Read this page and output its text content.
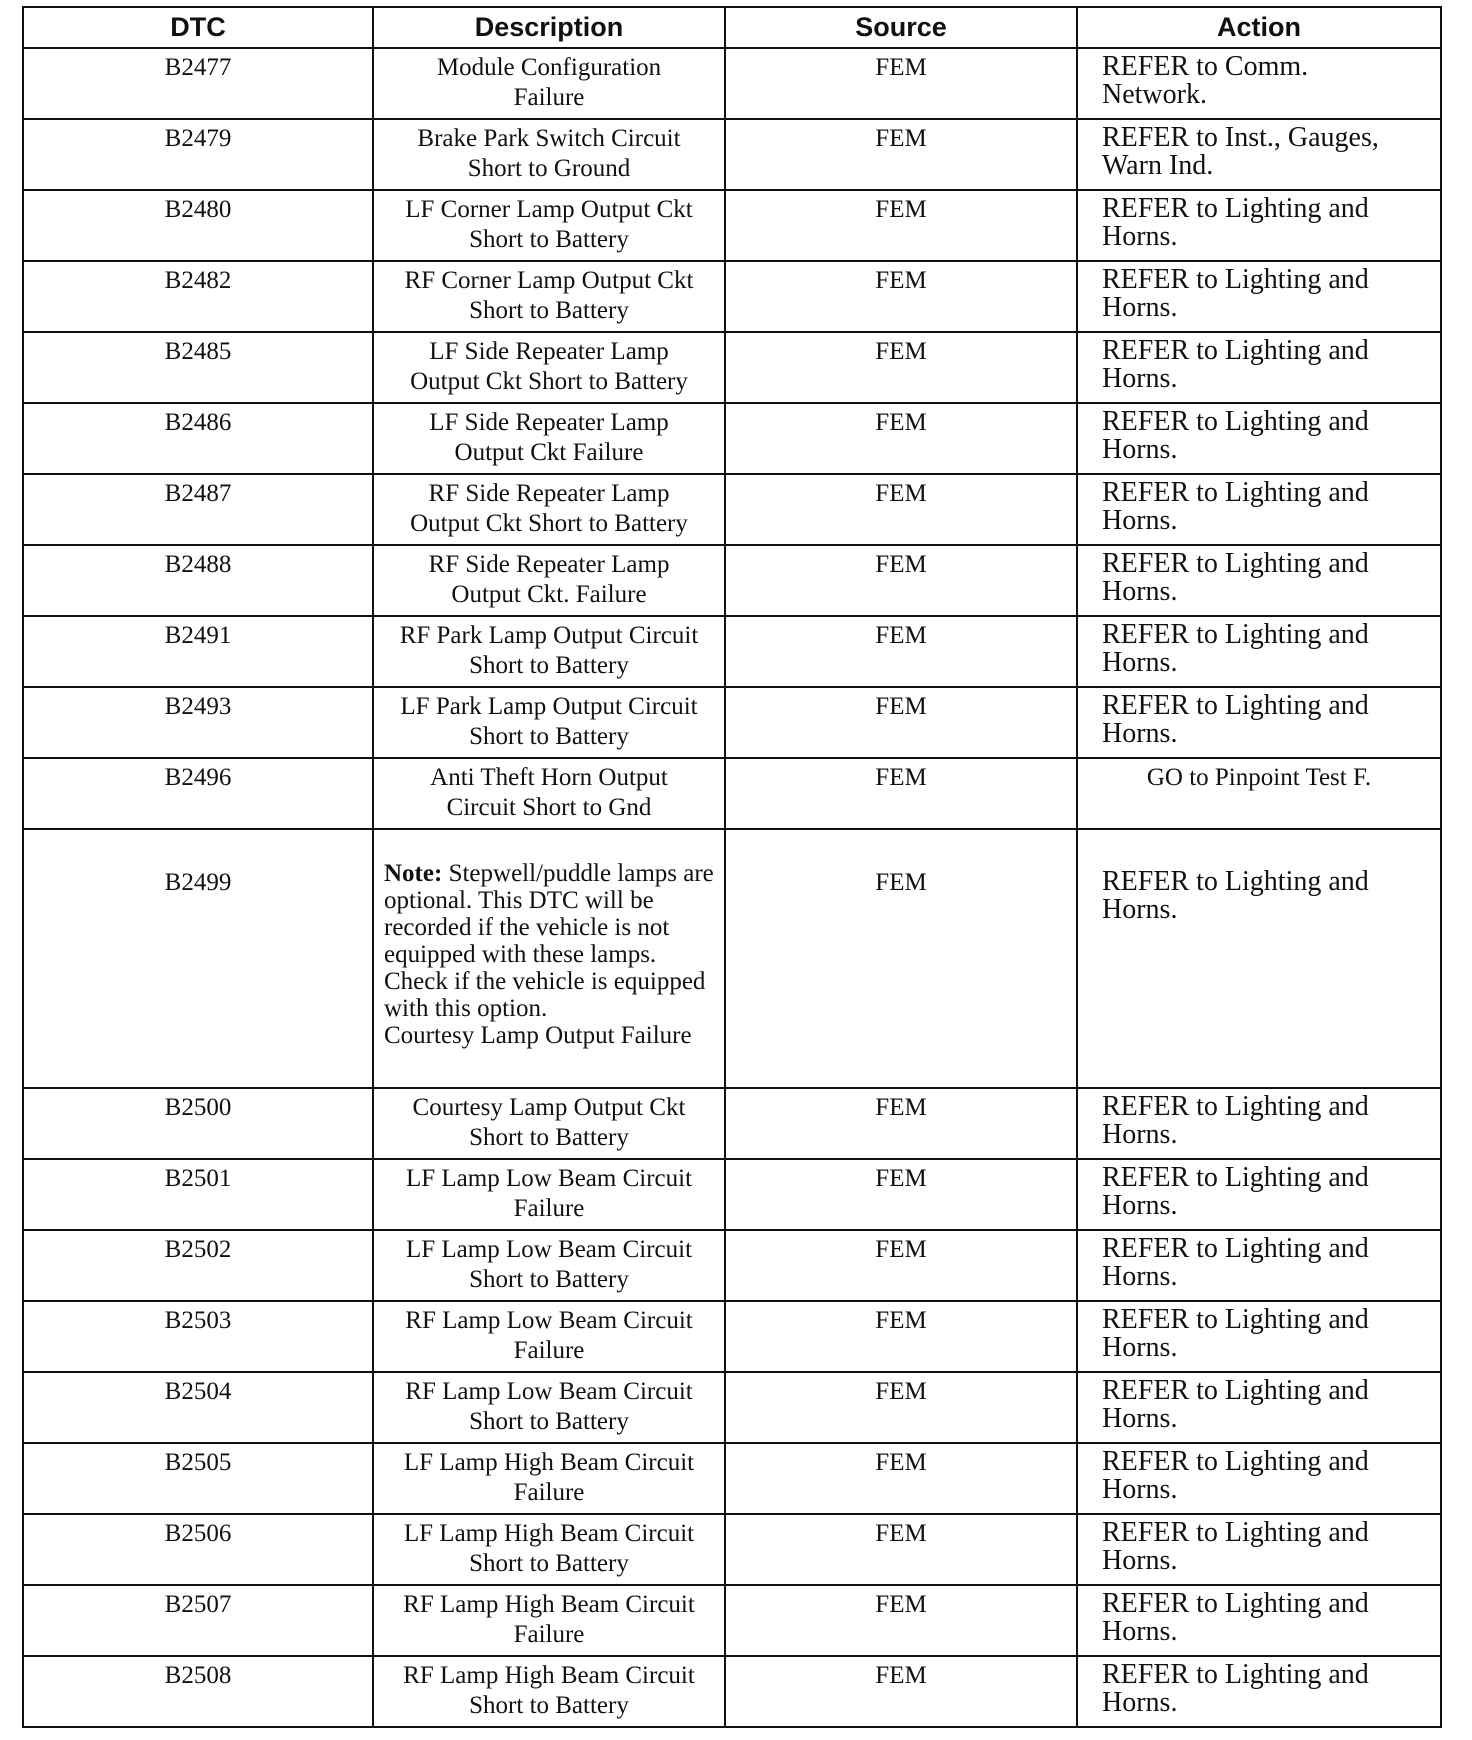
DTC	Description	Source	Action

B2477	Module Configuration
Failure	FEM	REFER to Comm.
Network.

B2479	Brake Park Switch Circuit
Short to Ground	FEM	REFER to Inst., Gauges,
Warn Ind.

B2480	LF Corner Lamp Output Ckt
Short to Battery	FEM	REFER to Lighting and
Horns.

B2482	RF Corner Lamp Output Ckt
Short to Battery	FEM	REFER to Lighting and
Horns.

B2485	LF Side Repeater Lamp
Output Ckt Short to Battery	FEM	REFER to Lighting and
Horns.

B2486	LF Side Repeater Lamp
Output Ckt Failure	FEM	REFER to Lighting and
Horns.

B2487	RF Side Repeater Lamp
Output Ckt Short to Battery	FEM	REFER to Lighting and
Horns.

B2488	RF Side Repeater Lamp
Output Ckt. Failure	FEM	REFER to Lighting and
Horns.

B2491	RF Park Lamp Output Circuit
Short to Battery	FEM	REFER to Lighting and
Horns.

B2493	LF Park Lamp Output Circuit
Short to Battery	FEM	REFER to Lighting and
Horns.

B2496	Anti Theft Horn Output
Circuit Short to Gnd	FEM	GO to Pinpoint Test F.

B2499	Note: Stepwell/puddle lamps are optional. This DTC will be recorded if the vehicle is not equipped with these lamps. Check if the vehicle is equipped with this option.
Courtesy Lamp Output Failure	FEM	REFER to Lighting and
Horns.

B2500	Courtesy Lamp Output Ckt
Short to Battery	FEM	REFER to Lighting and
Horns.

B2501	LF Lamp Low Beam Circuit
Failure	FEM	REFER to Lighting and
Horns.

B2502	LF Lamp Low Beam Circuit
Short to Battery	FEM	REFER to Lighting and
Horns.

B2503	RF Lamp Low Beam Circuit
Failure	FEM	REFER to Lighting and
Horns.

B2504	RF Lamp Low Beam Circuit
Short to Battery	FEM	REFER to Lighting and
Horns.

B2505	LF Lamp High Beam Circuit
Failure	FEM	REFER to Lighting and
Horns.

B2506	LF Lamp High Beam Circuit
Short to Battery	FEM	REFER to Lighting and
Horns.

B2507	RF Lamp High Beam Circuit
Failure	FEM	REFER to Lighting and
Horns.

B2508	RF Lamp High Beam Circuit
Short to Battery	FEM	REFER to Lighting and
Horns.
